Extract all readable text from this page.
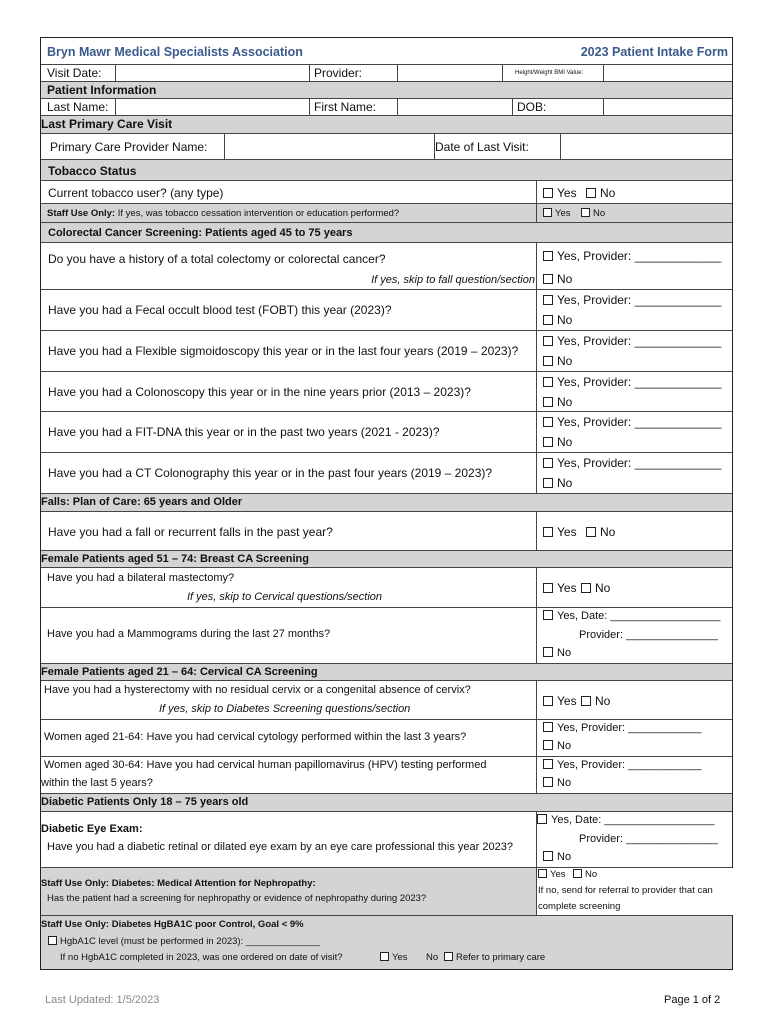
Bryn Mawr Medical Specialists Association	2023 Patient Intake Form
Visit Date:	Provider:	Height/Weight BMI Value:
Patient Information
Last Name:	First Name:	DOB:
Last Primary Care Visit
Primary Care Provider Name:	Date of Last Visit:
Tobacco Status
Current tobacco user? (any type)	Yes	No
Staff Use Only: If yes, was tobacco cessation intervention or education performed?	Yes	No
Colorectal Cancer Screening: Patients aged 45 to 75 years
Do you have a history of a total colectomy or colorectal cancer?
If yes, skip to fall question/section
Yes, Provider: _____________
No
Have you had a Fecal occult blood test (FOBT) this year (2023)?
Yes, Provider: _____________
No
Have you had a Flexible sigmoidoscopy this year or in the last four years (2019 – 2023)?
Yes, Provider: _____________
No
Have you had a Colonoscopy this year or in the nine years prior (2013 – 2023)?
Yes, Provider: _____________
No
Have you had a FIT-DNA this year or in the past two years (2021 - 2023)?
Yes, Provider: _____________
No
Have you had a CT Colonography this year or in the past four years (2019 – 2023)?
Yes, Provider: _____________
No
Falls: Plan of Care: 65 years and Older
Have you had a fall or recurrent falls in the past year?	Yes	No
Female Patients aged 51 – 74: Breast CA Screening
Have you had a bilateral mastectomy?
If yes, skip to Cervical questions/section
Yes	No
Have you had a Mammograms during the last 27 months?
Yes, Date: __________________
Provider: _______________
No
Female Patients aged 21 – 64: Cervical CA Screening
Have you had a hysterectomy with no residual cervix or a congenital absence of cervix?
If yes, skip to Diabetes Screening questions/section
Yes	No
Women aged 21-64: Have you had cervical cytology performed within the last 3 years?
Yes, Provider: ____________
No
Women aged 30-64: Have you had cervical human papillomavirus (HPV) testing performed
within the last 5 years?
Yes, Provider: ____________
No
Diabetic Patients Only 18 – 75 years old
Diabetic Eye Exam:
Have you had a diabetic retinal or dilated eye exam by an eye care professional this year 2023?
Yes, Date: __________________
Provider: _______________
No
Staff Use Only: Diabetes: Medical Attention for Nephropathy:
Has the patient had a screening for nephropathy or evidence of nephropathy during 2023?
Yes	No
If no, send for referral to provider that can
complete screening
Staff Use Only: Diabetes HgBA1C poor Control, Goal < 9%
HgbA1C level (must be performed in 2023): ______________
If no HgbA1C completed in 2023, was one ordered on date of visit?	Yes No	Refer to primary care
Last Updated: 1/5/2023	Page 1 of 2
